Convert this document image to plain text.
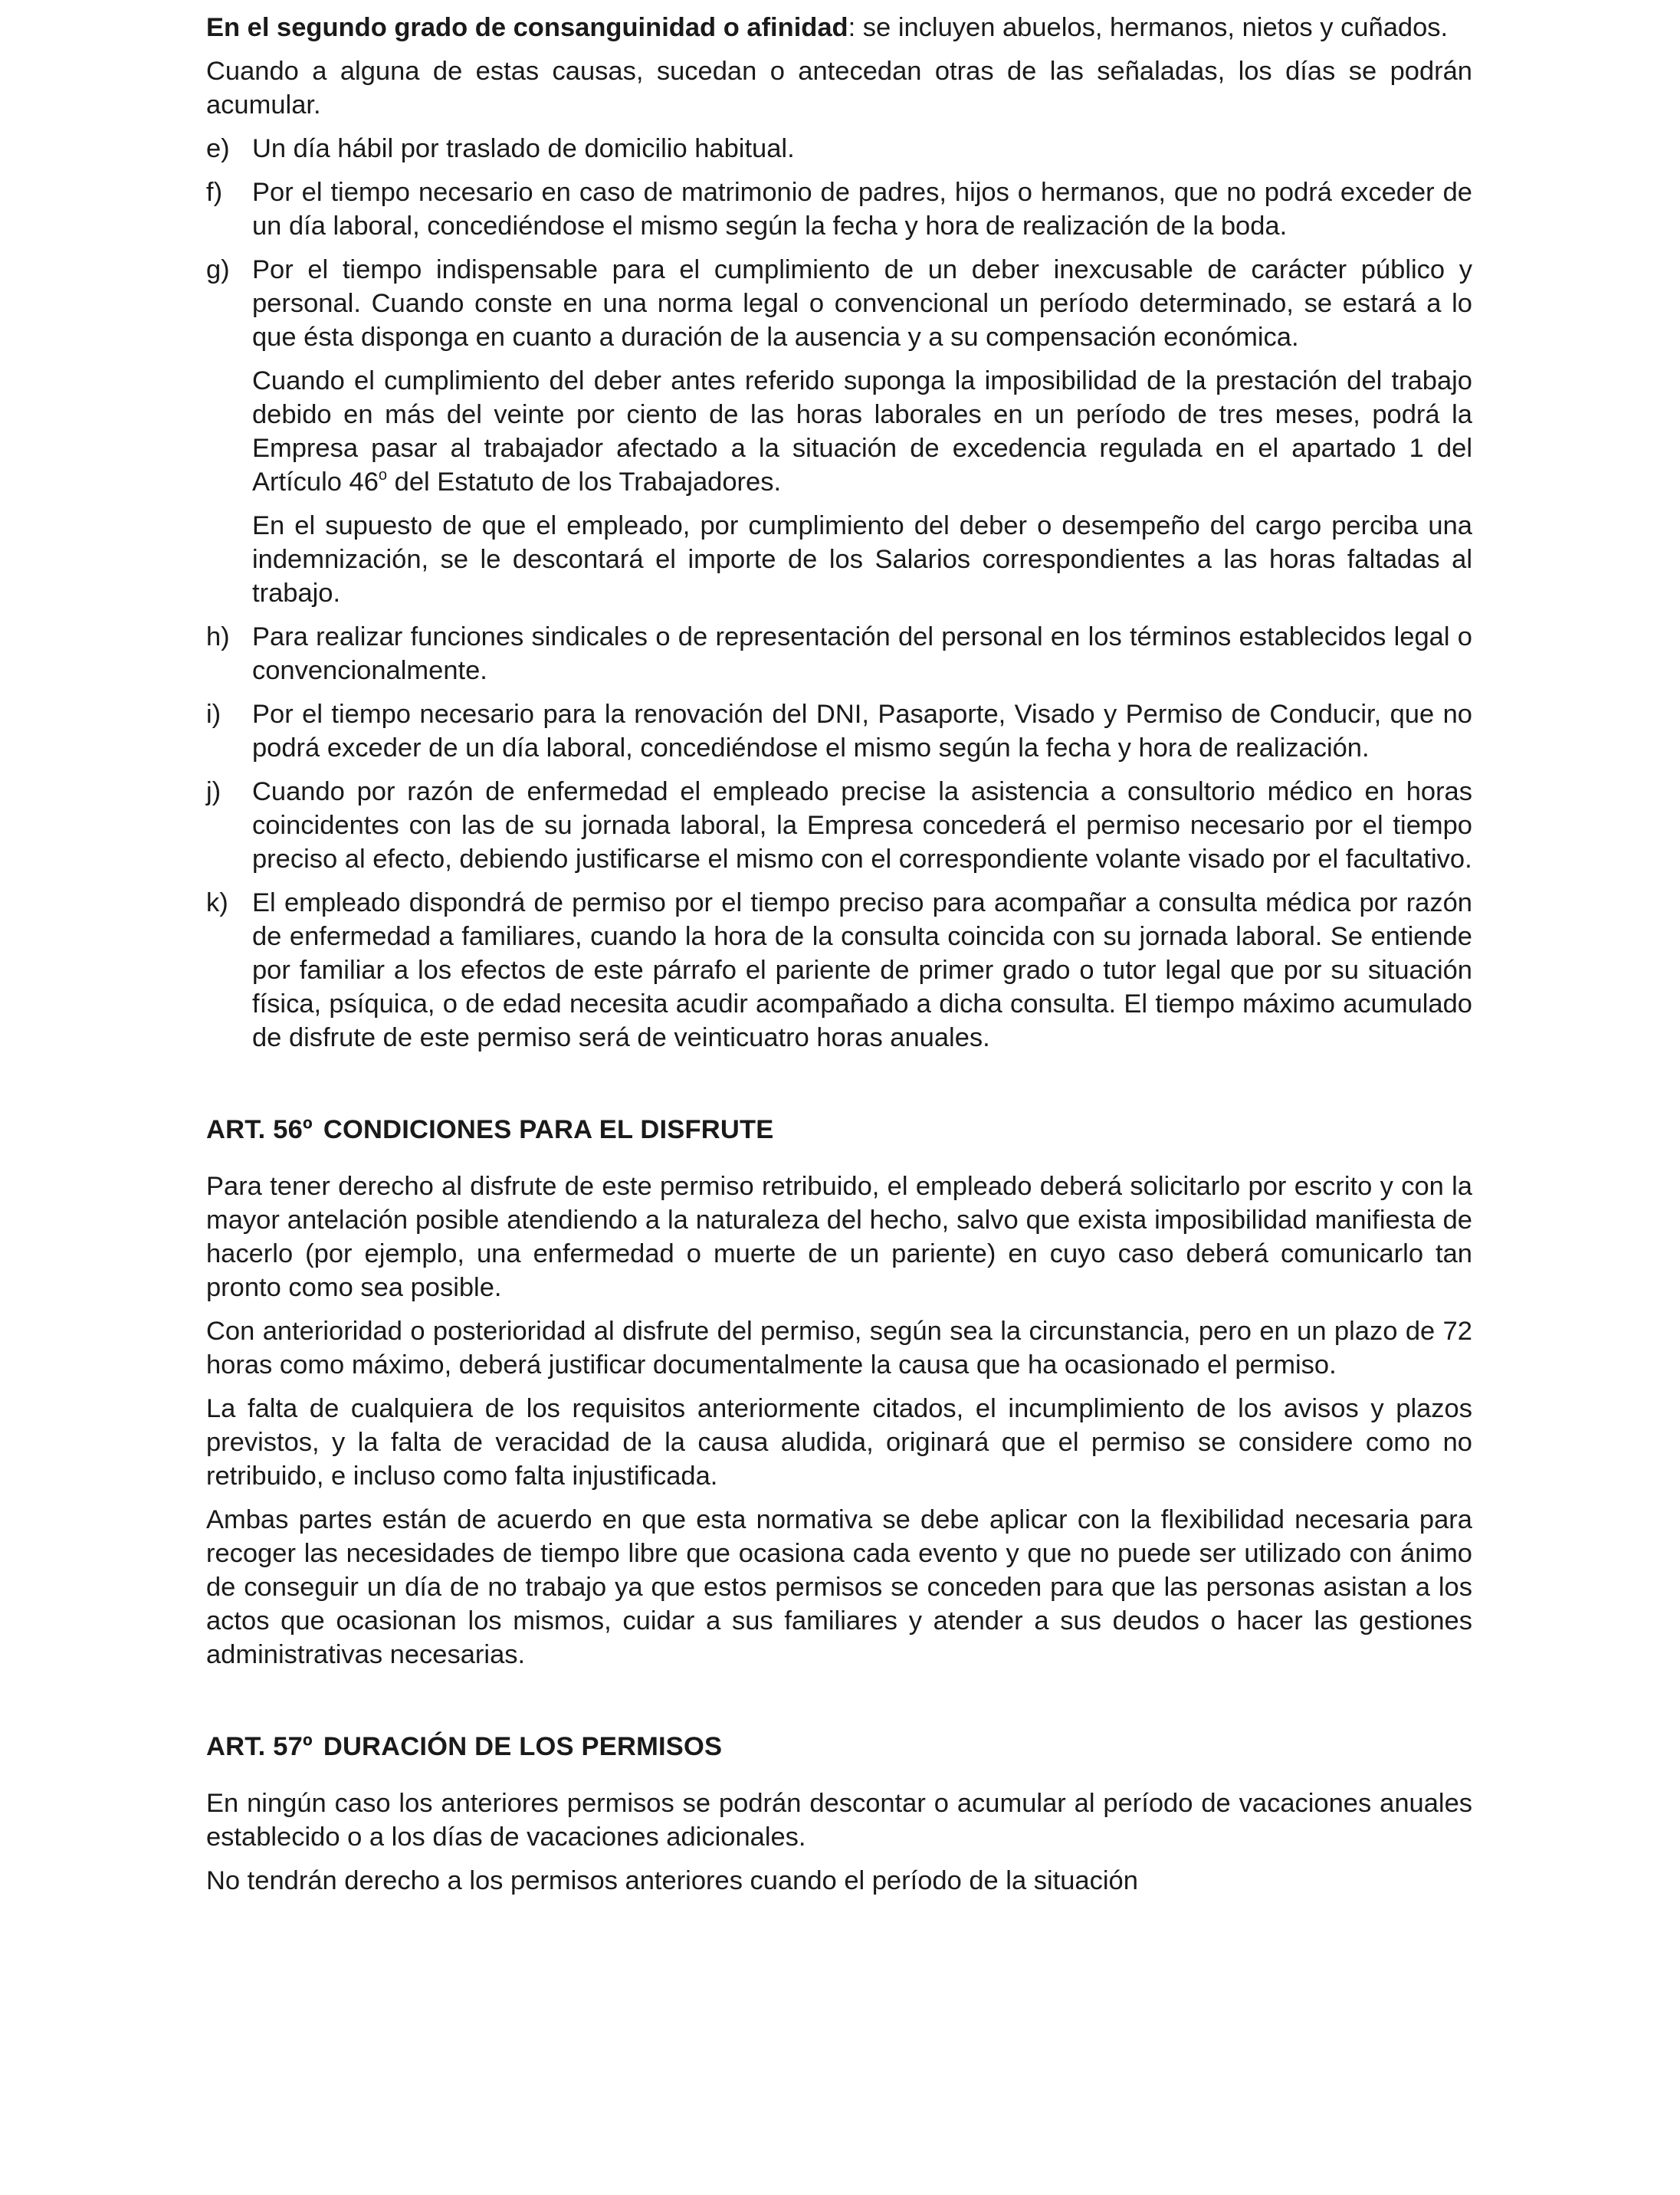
En el segundo grado de consanguinidad o afinidad: se incluyen abuelos, hermanos, nietos y cuñados.

Cuando a alguna de estas causas, sucedan o antecedan otras de las señaladas, los días se podrán acumular.

e) Un día hábil por traslado de domicilio habitual.
f)	Por el tiempo necesario en caso de matrimonio de padres, hijos o hermanos, que no podrá exceder de un día laboral, concediéndose el mismo según la fecha y hora de realización de la boda.
g) Por el tiempo indispensable para el cumplimiento de un deber inexcusable de carácter público y personal. Cuando conste en una norma legal o convencional un período determinado, se estará a lo que ésta disponga en cuanto a duración de la ausencia y a su compensación económica.

Cuando el cumplimiento del deber antes referido suponga la imposibilidad de la prestación del trabajo debido en más del veinte por ciento de las horas laborales en un período de tres meses, podrá la Empresa pasar al trabajador afectado a la situación de excedencia regulada en el apartado 1 del Artículo 46$^o$ del Estatuto de los Trabajadores.

En el supuesto de que el empleado, por cumplimiento del deber o desempeño del cargo perciba una indemnización, se le descontará el importe de los Salarios correspondientes a las horas faltadas al trabajo.

h) Para realizar funciones sindicales o de representación del personal en los términos establecidos legal o convencionalmente.
i)	Por el tiempo necesario para la renovación del DNI, Pasaporte, Visado y Permiso de Conducir, que no podrá exceder de un día laboral, concediéndose el mismo según la fecha y hora de realización.
j)	Cuando por razón de enfermedad el empleado precise la asistencia a consultorio médico en horas coincidentes con las de su jornada laboral, la Empresa concederá el permiso necesario por el tiempo preciso al efecto, debiendo justificarse el mismo con el correspondiente volante visado por el facultativo.
k) El empleado dispondrá de permiso por el tiempo preciso para acompañar a consulta médica por razón de enfermedad a familiares, cuando la hora de la consulta coincida con su jornada laboral. Se entiende por familiar a los efectos de este párrafo el pariente de primer grado o tutor legal que por su situación física, psíquica, o de edad necesita acudir acompañado a dicha consulta. El tiempo máximo acumulado de disfrute de este permiso será de veinticuatro horas anuales.
ART. 56º CONDICIONES PARA EL DISFRUTE

Para tener derecho al disfrute de este permiso retribuido, el empleado deberá solicitarlo por escrito y con la mayor antelación posible atendiendo a la naturaleza del hecho, salvo que exista imposibilidad manifiesta de hacerlo (por ejemplo, una enfermedad o muerte de un pariente) en cuyo caso deberá comunicarlo tan pronto como sea posible.

Con anterioridad o posterioridad al disfrute del permiso, según sea la circunstancia, pero en un plazo de 72 horas como máximo, deberá justificar documentalmente la causa que ha ocasionado el permiso.

La falta de cualquiera de los requisitos anteriormente citados, el incumplimiento de los avisos y plazos previstos, y la falta de veracidad de la causa aludida, originará que el permiso se considere como no retribuido, e incluso como falta injustificada.

Ambas partes están de acuerdo en que esta normativa se debe aplicar con la flexibilidad necesaria para recoger las necesidades de tiempo libre que ocasiona cada evento y que no puede ser utilizado con ánimo de conseguir un día de no trabajo ya que estos permisos se conceden para que las personas asistan a los actos que ocasionan los mismos, cuidar a sus familiares y atender a sus deudos o hacer las gestiones administrativas necesarias.

ART. 57º DURACIÓN DE LOS PERMISOS

En ningún caso los anteriores permisos se podrán descontar o acumular al período de vacaciones anuales establecido o a los días de vacaciones adicionales.

No tendrán derecho a los permisos anteriores cuando el período de la situación
